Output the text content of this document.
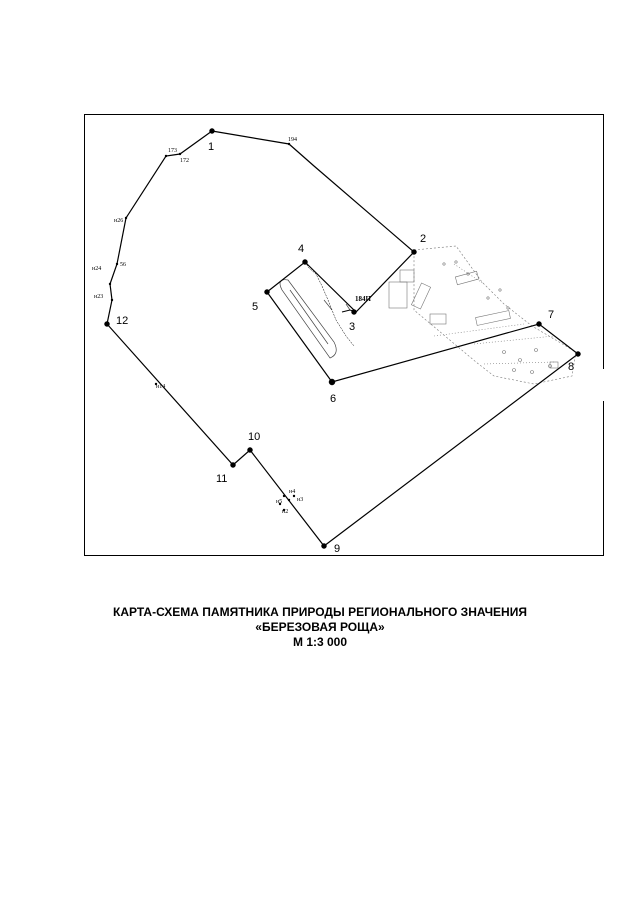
1
2
3
4
5
6
7
8
9
10
11
12
194
173
172
н26
н24
56
н23
н14
н4
н5 н3
н2
184П
КАРТА-СХЕМА ПАМЯТНИКА ПРИРОДЫ РЕГИОНАЛЬНОГО ЗНАЧЕНИЯ
«БЕРЕЗОВАЯ РОЩА»
М 1:3 000
